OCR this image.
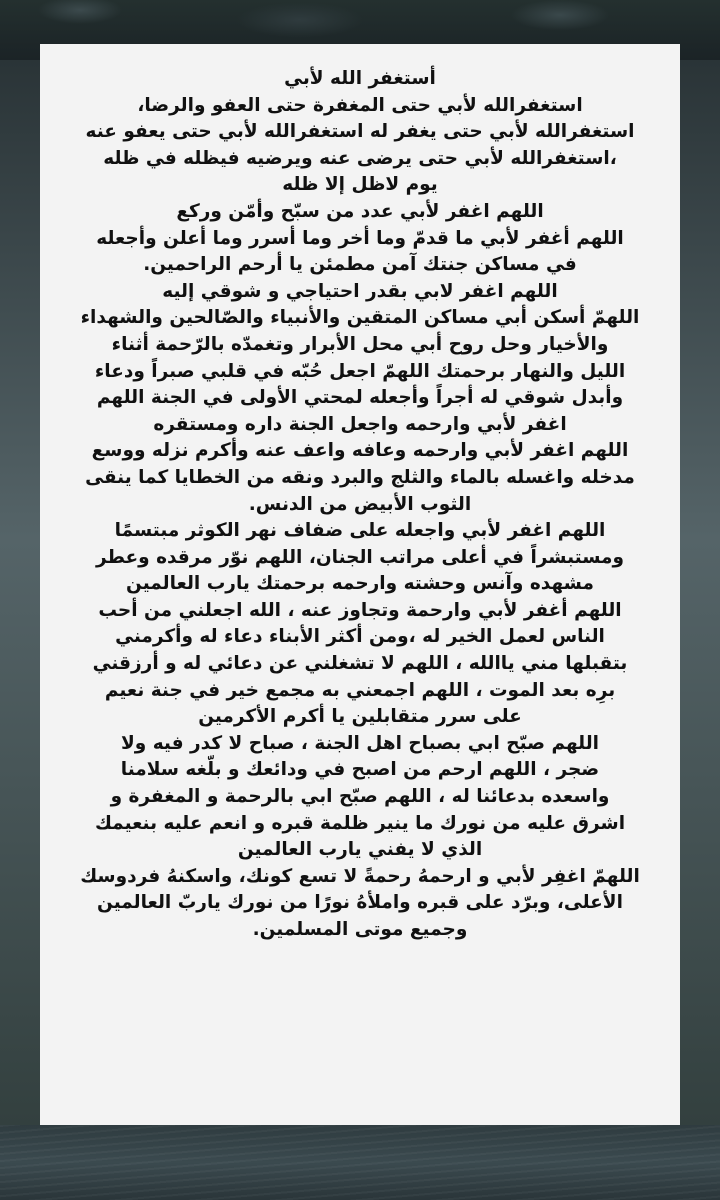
أستغفر الله لأبي
استغفرالله لأبي حتى المغفرة حتى العفو والرضا،
استغفرالله لأبي حتى يغفر له استغفرالله لأبي حتى يعفو عنه
،استغفرالله لأبي حتى يرضى عنه ويرضيه فيظله في ظله
يوم لاظل إلا ظله
اللهم اغفر لأبي عدد من سبّح وأمّن وركع
اللهم أغفر لأبي ما قدمّ وما أخر وما أسرر وما أعلن وأجعله
في مساكن جنتك آمن مطمئن يا أرحم الراحمين.
اللهم اغفر لابي بقدر احتياجي و شوقي إليه
اللهمّ أسكن أبي مساكن المتقين والأنبياء والصّالحين والشهداء
والأخيار وحل روح أبي محل الأبرار وتغمدّه بالرّحمة أثناء
الليل والنهار برحمتك اللهمّ اجعل حُبّه في قلبي صبراً ودعاء
وأبدل شوقي له أجراً وأجعله لمحتي الأولى في الجنة اللهم
اغفر لأبي وارحمه واجعل الجنة داره ومستقره
اللهم اغفر لأبي وارحمه وعافه واعف عنه وأكرم نزله ووسع
مدخله واغسله بالماء والثلج والبرد ونقه من الخطايا كما ينقى
الثوب الأبيض من الدنس.
اللهم اغفر لأبي واجعله على ضفاف نهر الكوثر مبتسمًا
ومستبشراً في أعلى مراتب الجنان، اللهم نوّر مرقده وعطر
مشهده وآنس وحشته وارحمه برحمتك يارب العالمين
اللهم أغفر لأبي وارحمة وتجاوز عنه ، الله اجعلني من أحب
الناس لعمل الخير له ،ومن أكثر الأبناء دعاء له وأكرمني
بتقبلها مني ياالله ، اللهم لا تشغلني عن دعائي له و أرزقني
برِه بعد الموت ، اللهم اجمعني به مجمع خير في جنة نعيم
على سرر متقابلين يا أكرم الأكرمين
اللهم صبّح ابي بصباح اهل الجنة ، صباح لا كدر فيه ولا
ضجر ، اللهم ارحم من اصبح في ودائعك و بلّغه سلامنا
واسعده بدعائنا له ، اللهم صبّح ابي بالرحمة و المغفرة و
اشرق عليه من نورك ما ينير ظلمة قبره و انعم عليه بنعيمك
الذي لا يفني يارب العالمين
اللهمّ اغفِر لأبي و ارحمهُ رحمةً لا تسع كونك، واسكنهُ فردوسك
الأعلى، وبرّد على قبره واملأهُ نورًا من نورك ياربّ العالمين
وجميع موتى المسلمين.
